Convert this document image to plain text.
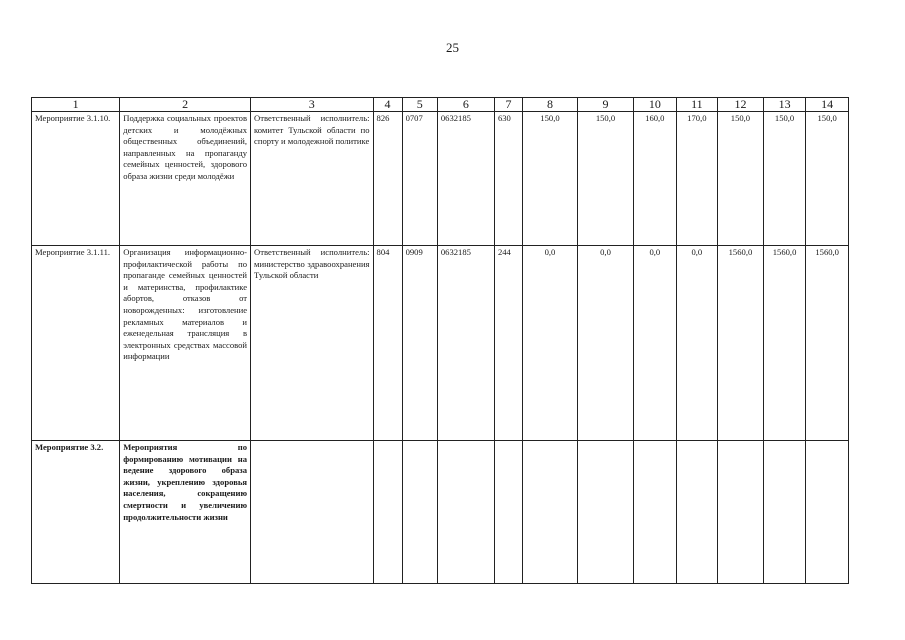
25
1	2	3	4	5	6	7	8	9	10	11	12	13	14
Мероприятие 3.1.10.	Поддержка социальных проектов детских и молодёжных общественных объединений, направленных на пропаганду семейных ценностей, здорового образа жизни среди молодёжи	Ответственный исполнитель: комитет Тульской области по спорту и молодежной политике	826	0707	0632185	630	150,0	150,0	160,0	170,0	150,0	150,0	150,0
Мероприятие 3.1.11.	Организация информационно-профилактической работы по пропаганде семейных ценностей и материнства, профилактике абортов, отказов от новорожденных: изготовление рекламных материалов и еженедельная трансляция в электронных средствах массовой информации	Ответственный исполнитель: министерство здравоохранения Тульской области	804	0909	0632185	244	0,0	0,0	0,0	0,0	1560,0	1560,0	1560,0
Мероприятие 3.2.	Мероприятия по формированию мотивации на ведение здорового образа жизни, укреплению здоровья населения, сокращению смертности и увеличению продолжительности жизни												
